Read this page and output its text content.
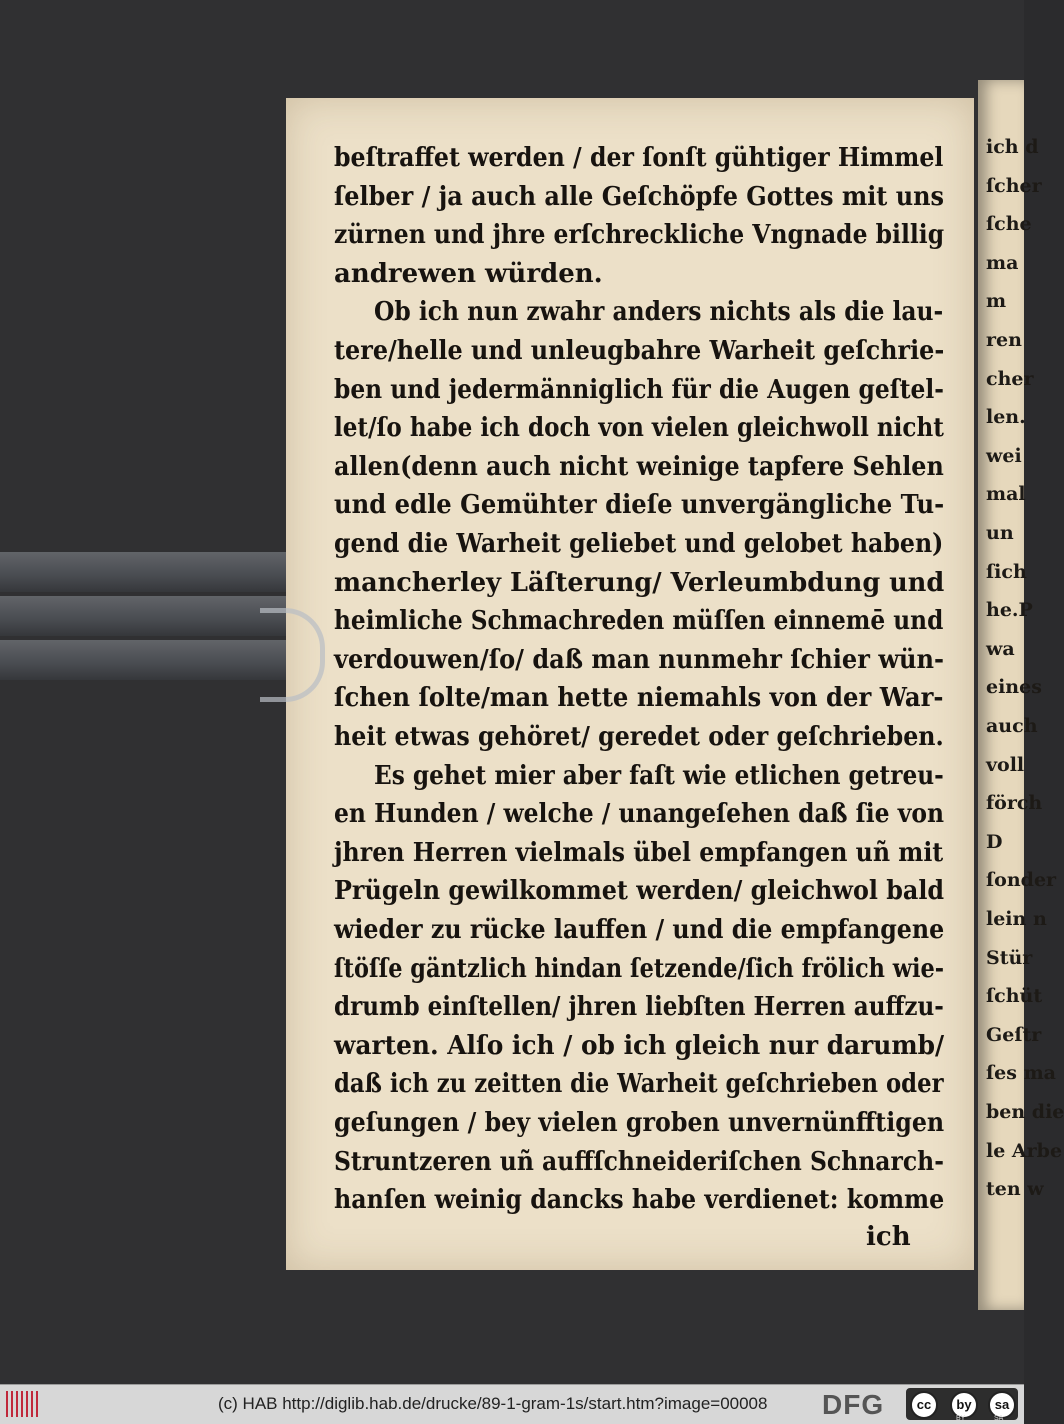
beſtraffet werden / der ſonſt gühtiger Himmel
ſelber / ja auch alle Geſchöpfe Gottes mit uns
zürnen und jhre erſchreckliche Vngnade billig
andrewen würden.
Ob ich nun zwahr anders nichts als die lau-
tere/helle und unleugbahre Warheit geſchrie-
ben und jedermänniglich für die Augen geſtel-
let/ſo habe ich doch von vielen gleichwoll nicht
allen(denn auch nicht weinige tapfere Sehlen
und edle Gemühter dieſe unvergängliche Tu-
gend die Warheit geliebet und gelobet haben)
mancherley Läſterung/ Verleumbdung und
heimliche Schmachreden müſſen einnemē und
verdouwen/ſo/ daß man nunmehr ſchier wün-
ſchen ſolte/man hette niemahls von der War-
heit etwas gehöret/ geredet oder geſchrieben.
Es gehet mier aber faſt wie etlichen getreu-
en Hunden / welche / unangeſehen daß ſie von
jhren Herren vielmals übel empfangen uñ mit
Prügeln gewilkommet werden/ gleichwol bald
wieder zu rücke lauffen / und die empfangene
ſtöſſe gäntzlich hindan ſetzende/ſich frölich wie-
drumb einſtellen/ jhren liebſten Herren auffzu-
warten. Alſo ich / ob ich gleich nur darumb/
daß ich zu zeitten die Warheit geſchrieben oder
geſungen / bey vielen groben unvernünfftigen
Struntzeren uñ auffſchneideriſchen Schnarch-
hanſen weinig dancks habe verdienet: komme
ich
ich d
ſcher
ſche
ma
m
ren
cher
len.
wei
mal
un
ſich
he.P
wa
eines
auch
voll
förch
D
ſonder
lein n
Stür
ſchüt
Geſtr
ſes ma
ben die
le Arbe
ten w
(c) HAB http://diglib.hab.de/drucke/89-1-gram-1s/start.htm?image=00008 DFG	cc	by	sa
BY	SA
